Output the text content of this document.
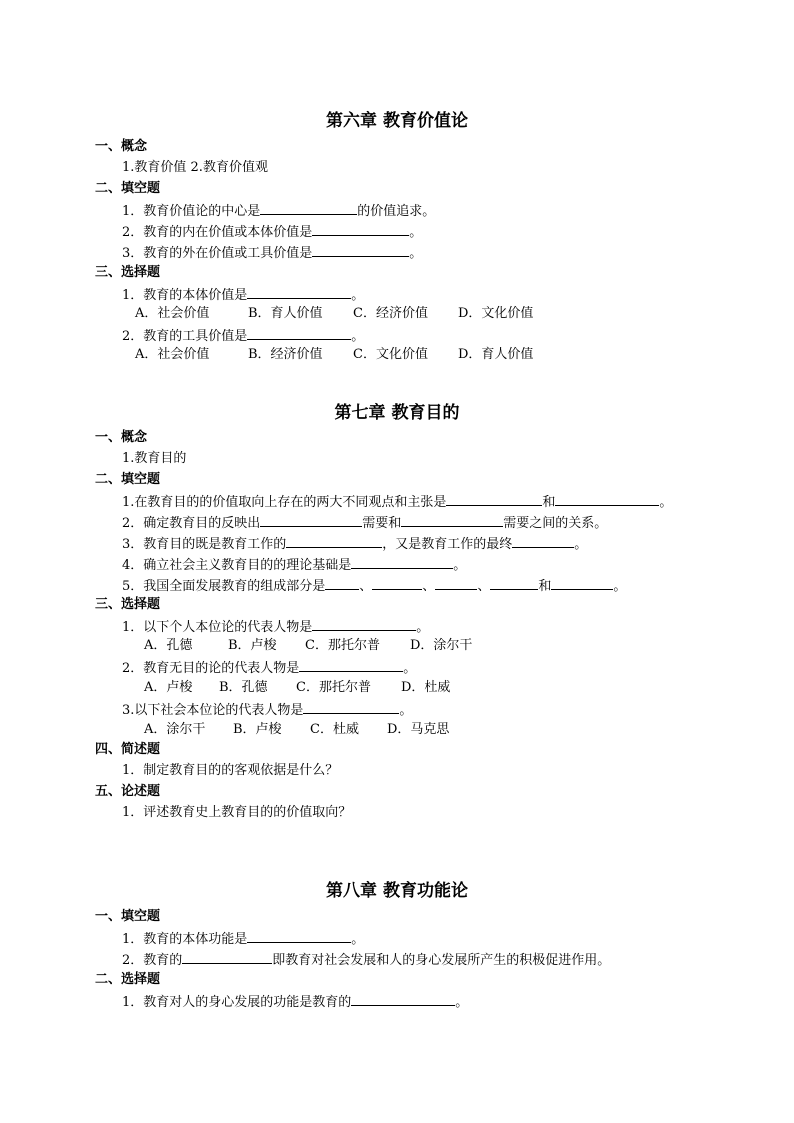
第六章 教育价值论
一、概念
1.教育价值 2.教育价值观
二、填空题
1．教育价值论的中心是	的价值追求。
2．教育的内在价值或本体价值是	。
3．教育的外在价值或工具价值是	。
三、选择题
1．教育的本体价值是	。
A．社会价值	B．育人价值 C．经济价值 D．文化价值
2．教育的工具价值是	。
A．社会价值	B．经济价值 C．文化价值 D．育人价值
第七章 教育目的
一、概念
1.教育目的
二、填空题
1.在教育目的的价值取向上存在的两大不同观点和主张是	和	。
2．确定教育目的反映出	需要和	需要之间的关系。
3．教育目的既是教育工作的	，又是教育工作的最终	。
4．确立社会主义教育目的的理论基础是	。
5．我国全面发展教育的组成部分是	、	、	、	和	。
三、选择题
1．以下个人本位论的代表人物是	。
A．孔德	B．卢梭 C．那托尔普 D．涂尔干
2．教育无目的论的代表人物是	。
A．卢梭 B．孔德 C．那托尔普 D．杜威
3.以下社会本位论的代表人物是	。
A．涂尔干 B．卢梭 C．杜威 D．马克思
四、简述题
1．制定教育目的的客观依据是什么？
五、论述题
1．评述教育史上教育目的的价值取向？
第八章 教育功能论
一、填空题
1．教育的本体功能是	。
2．教育的	即教育对社会发展和人的身心发展所产生的积极促进作用。
二、选择题
1．教育对人的身心发展的功能是教育的	。
